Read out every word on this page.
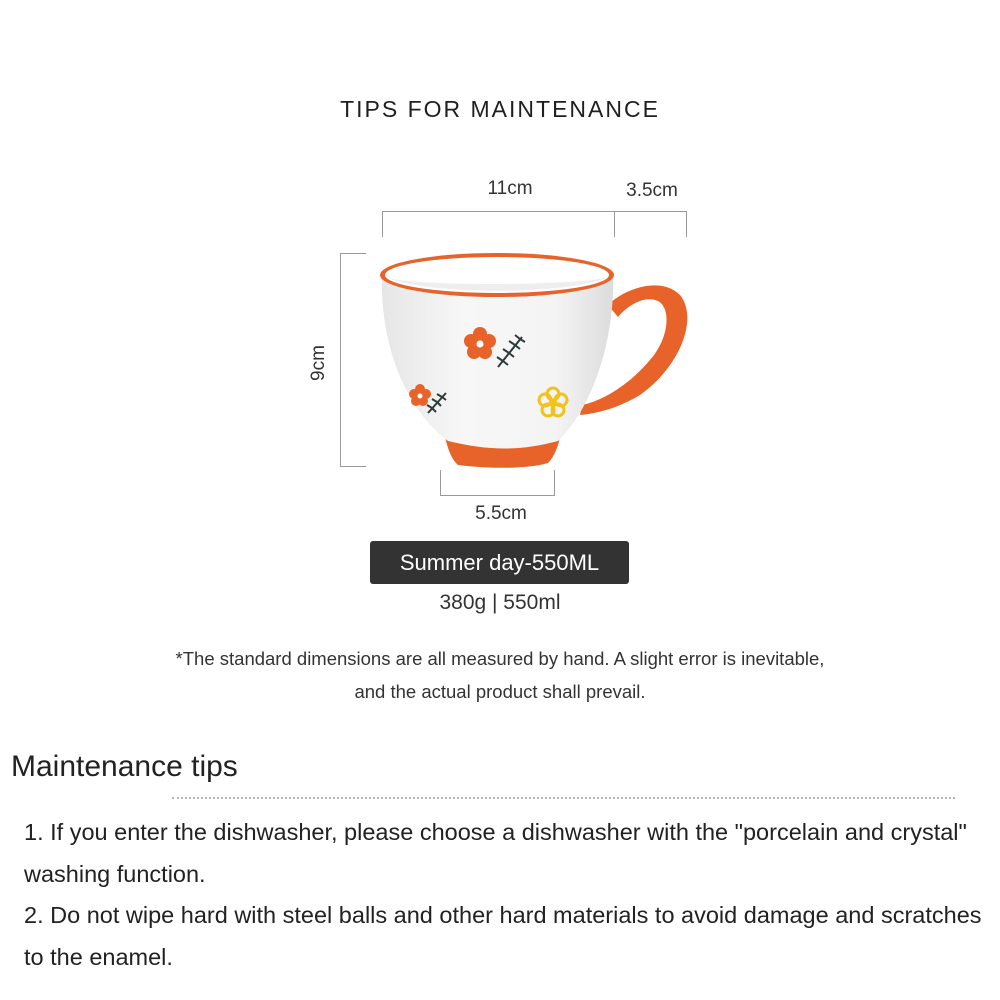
TIPS FOR MAINTENANCE
11cm	3.5cm
9cm
5.5cm
Summer day-550ML
380g | 550ml
*The standard dimensions are all measured by hand. A slight error is inevitable,
and the actual product shall prevail.
Maintenance tips

1. If you enter the dishwasher, please choose a dishwasher with the "porcelain and crystal" washing function.

2. Do not wipe hard with steel balls and other hard materials to avoid damage and scratches to the enamel.
